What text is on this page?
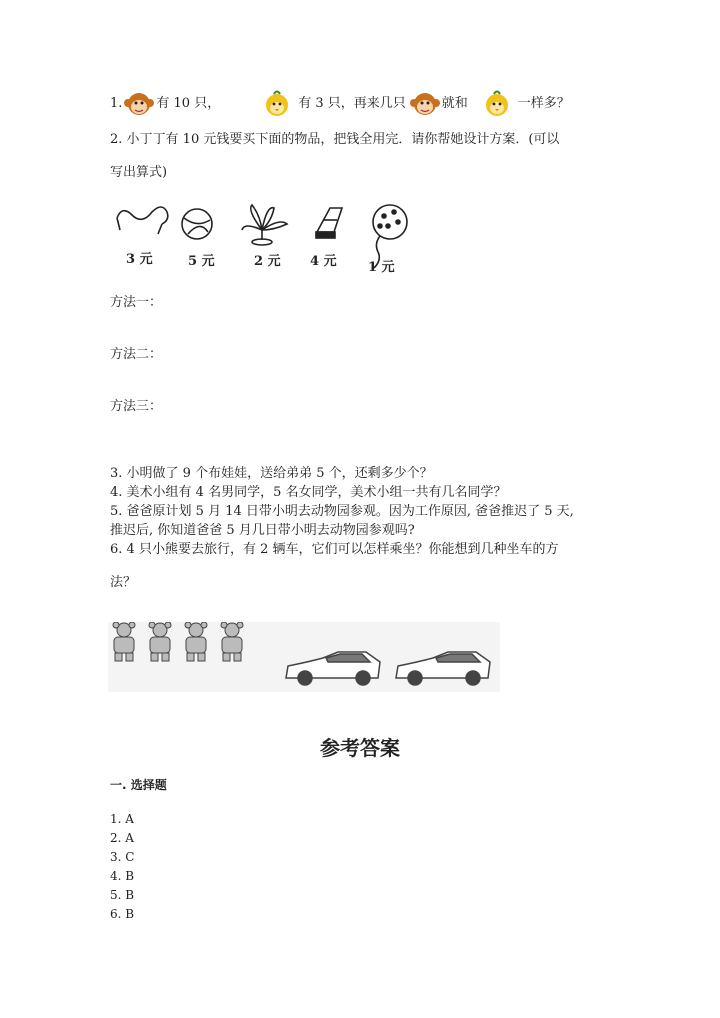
1.	有 10 只，	有 3 只，再来几只	就和	一样多？
2. 小丁丁有 10 元钱要买下面的物品，把钱全用完．请你帮她设计方案．(可以
写出算式)
3 元	5 元	2 元 4 元 1 元
方法一：
方法二：
方法三：
3. 小明做了 9 个布娃娃，送给弟弟 5 个，还剩多少个？
4. 美术小组有 4 名男同学，5 名女同学，美术小组一共有几名同学？
5. 爸爸原计划 5 月 14 日带小明去动物园参观。因为工作原因, 爸爸推迟了 5 天,
推迟后, 你知道爸爸 5 月几日带小明去动物园参观吗?
6. 4 只小熊要去旅行，有 2 辆车，它们可以怎样乘坐？你能想到几种坐车的方
法？
参考答案
一. 选择题
1. A
2. A
3. C
4. B
5. B
6. B
